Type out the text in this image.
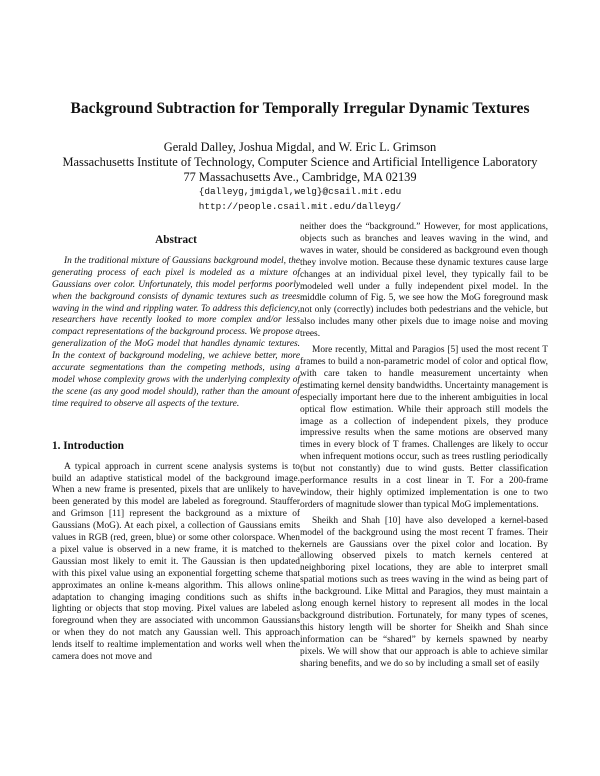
Background Subtraction for Temporally Irregular Dynamic Textures
Gerald Dalley, Joshua Migdal, and W. Eric L. Grimson
Massachusetts Institute of Technology, Computer Science and Artificial Intelligence Laboratory
77 Massachusetts Ave., Cambridge, MA 02139
{dalleyg,jmigdal,welg}@csail.mit.edu
http://people.csail.mit.edu/dalleyg/
Abstract

In the traditional mixture of Gaussians background model, the generating process of each pixel is modeled as a mixture of Gaussians over color. Unfortunately, this model performs poorly when the background consists of dynamic textures such as trees waving in the wind and rippling water. To address this deficiency, researchers have recently looked to more complex and/or less compact representations of the background process. We propose a generalization of the MoG model that handles dynamic textures. In the context of background modeling, we achieve better, more accurate segmentations than the competing methods, using a model whose complexity grows with the underlying complexity of the scene (as any good model should), rather than the amount of time required to observe all aspects of the texture.

1. Introduction

A typical approach in current scene analysis systems is to build an adaptive statistical model of the background image. When a new frame is presented, pixels that are unlikely to have been generated by this model are labeled as foreground. Stauffer and Grimson [11] represent the background as a mixture of Gaussians (MoG). At each pixel, a collection of Gaussians emits values in RGB (red, green, blue) or some other colorspace. When a pixel value is observed in a new frame, it is matched to the Gaussian most likely to emit it. The Gaussian is then updated with this pixel value using an exponential forgetting scheme that approximates an online k-means algorithm. This allows online adaptation to changing imaging conditions such as shifts in lighting or objects that stop moving. Pixel values are labeled as foreground when they are associated with uncommon Gaussians or when they do not match any Gaussian well. This approach lends itself to realtime implementation and works well when the camera does not move and

neither does the “background.” However, for most applications, objects such as branches and leaves waving in the wind, and waves in water, should be considered as background even though they involve motion. Because these dynamic textures cause large changes at an individual pixel level, they typically fail to be modeled well under a fully independent pixel model. In the middle column of Fig. 5, we see how the MoG foreground mask not only (correctly) includes both pedestrians and the vehicle, but also includes many other pixels due to image noise and moving trees.

More recently, Mittal and Paragios [5] used the most recent T frames to build a non-parametric model of color and optical flow, with care taken to handle measurement uncertainty when estimating kernel density bandwidths. Uncertainty management is especially important here due to the inherent ambiguities in local optical flow estimation. While their approach still models the image as a collection of independent pixels, they produce impressive results when the same motions are observed many times in every block of T frames. Challenges are likely to occur when infrequent motions occur, such as trees rustling periodically (but not constantly) due to wind gusts. Better classification performance results in a cost linear in T. For a 200-frame window, their highly optimized implementation is one to two orders of magnitude slower than typical MoG implementations.

Sheikh and Shah [10] have also developed a kernel-based model of the background using the most recent T frames. Their kernels are Gaussians over the pixel color and location. By allowing observed pixels to match kernels centered at neighboring pixel locations, they are able to interpret small spatial motions such as trees waving in the wind as being part of the background. Like Mittal and Paragios, they must maintain a long enough kernel history to represent all modes in the local background distribution. Fortunately, for many types of scenes, this history length will be shorter for Sheikh and Shah since information can be “shared” by kernels spawned by nearby pixels. We will show that our approach is able to achieve similar sharing benefits, and we do so by including a small set of easily
